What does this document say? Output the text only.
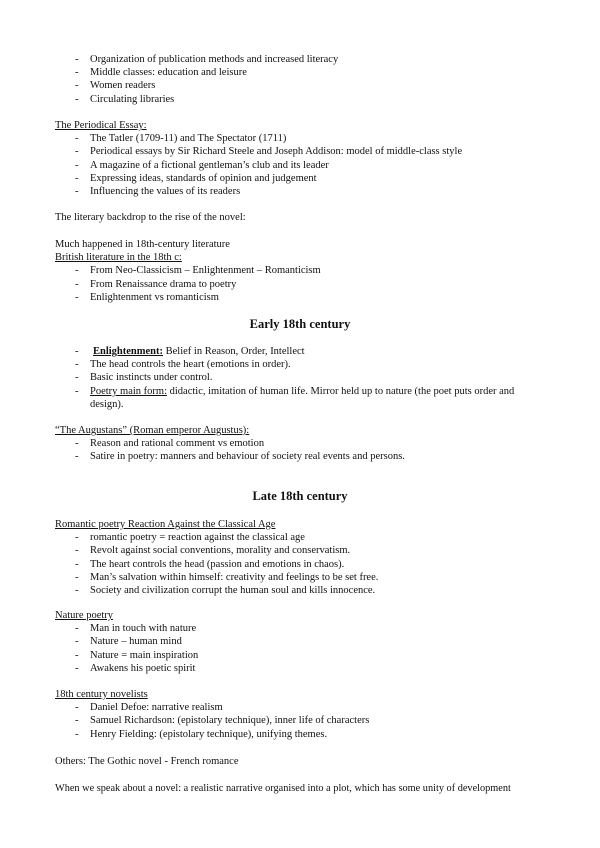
- Organization of publication methods and increased literacy
- Middle classes: education and leisure
- Women readers
- Circulating libraries
The Periodical Essay:
- The Tatler (1709-11) and The Spectator (1711)
- Periodical essays by Sir Richard Steele and Joseph Addison: model of middle-class style
- A magazine of a fictional gentleman’s club and its leader
- Expressing ideas, standards of opinion and judgement
- Influencing the values of its readers
The literary backdrop to the rise of the novel:
Much happened in 18th-century literature
British literature in the 18th c:
- From Neo-Classicism – Enlightenment – Romanticism
- From Renaissance drama to poetry
- Enlightenment vs romanticism
Early 18th century
- Enlightenment: Belief in Reason, Order, Intellect
- The head controls the heart (emotions in order).
- Basic instincts under control.
- Poetry main form: didactic, imitation of human life. Mirror held up to nature (the poet puts order and design).
“The Augustans” (Roman emperor Augustus):
- Reason and rational comment vs emotion
- Satire in poetry: manners and behaviour of society real events and persons.
Late 18th century
Romantic poetry Reaction Against the Classical Age
- romantic poetry = reaction against the classical age
- Revolt against social conventions, morality and conservatism.
- The heart controls the head (passion and emotions in chaos).
- Man’s salvation within himself: creativity and feelings to be set free.
- Society and civilization corrupt the human soul and kills innocence.
Nature poetry
- Man in touch with nature
- Nature – human mind
- Nature = main inspiration
- Awakens his poetic spirit
18th century novelists
- Daniel Defoe: narrative realism
- Samuel Richardson: (epistolary technique), inner life of characters
- Henry Fielding: (epistolary technique), unifying themes.
Others: The Gothic novel - French romance
When we speak about a novel: a realistic narrative organised into a plot, which has some unity of development
